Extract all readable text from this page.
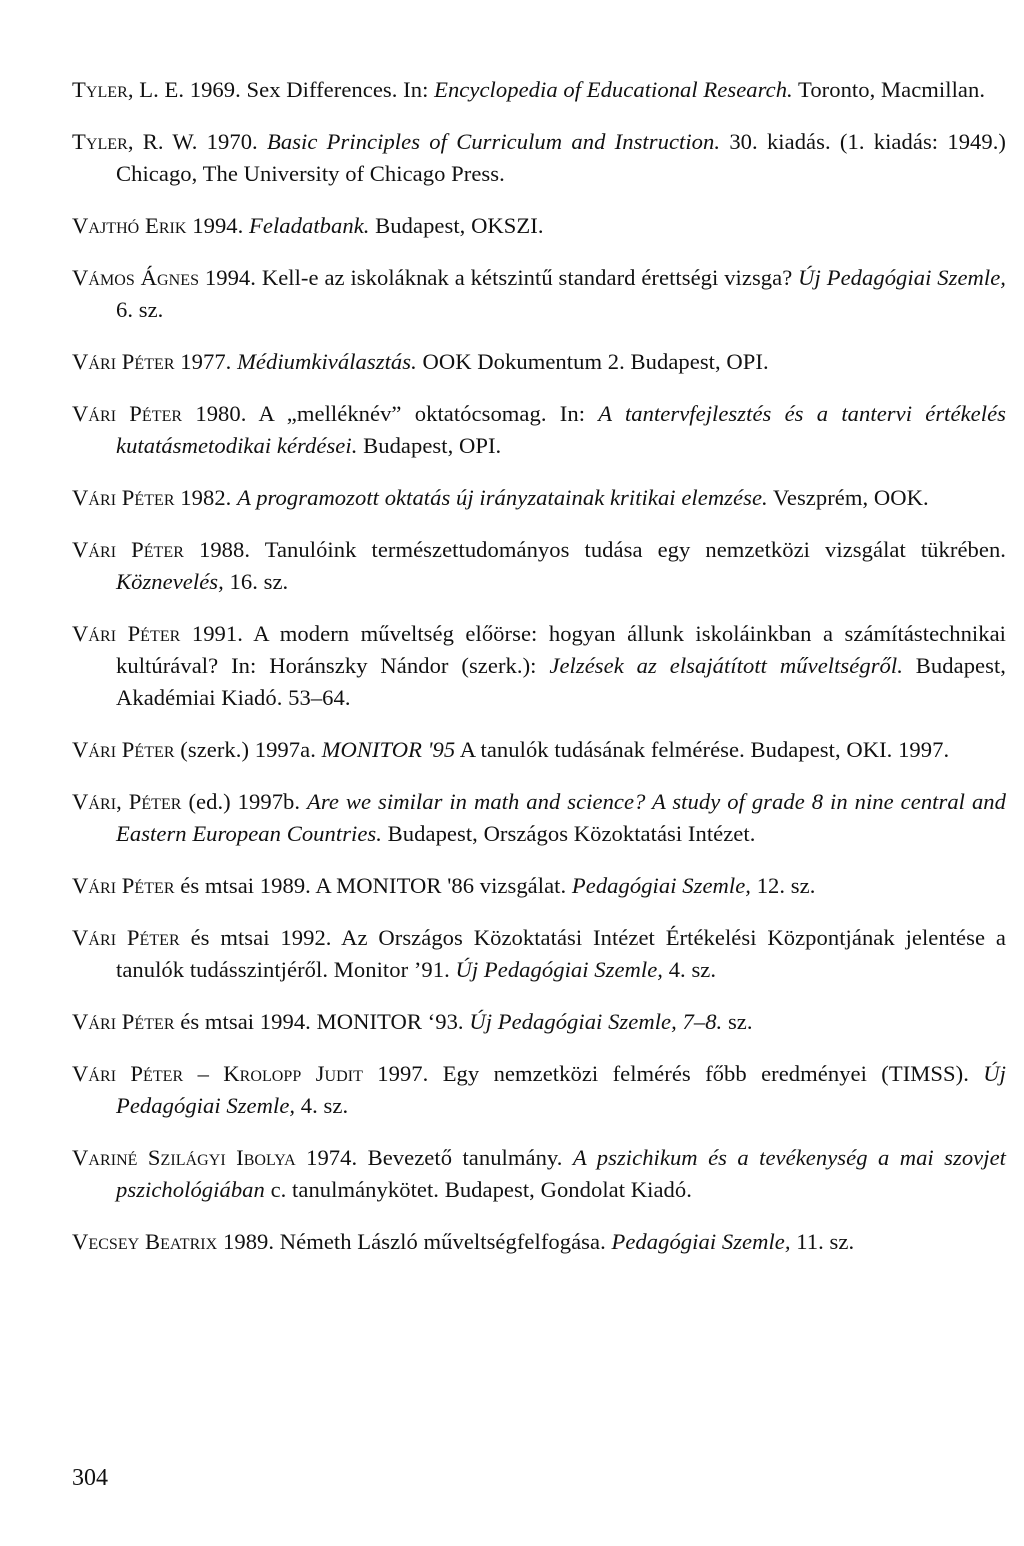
Tyler, L. E. 1969. Sex Differences. In: Encyclopedia of Educational Research. Toronto, Macmillan.

Tyler, R. W. 1970. Basic Principles of Curriculum and Instruction. 30. kiadás. (1. kiadás: 1949.) Chicago, The University of Chicago Press.

Vajthó Erik 1994. Feladatbank. Budapest, OKSZI.

Vámos Ágnes 1994. Kell-e az iskoláknak a kétszintű standard érettségi vizsga? Új Pedagógiai Szemle, 6. sz.

Vári Péter 1977. Médiumkiválasztás. OOK Dokumentum 2. Budapest, OPI.

Vári Péter 1980. A „melléknév” oktatócsomag. In: A tantervfejlesztés és a tantervi értékelés kutatásmetodikai kérdései. Budapest, OPI.

Vári Péter 1982. A programozott oktatás új irányzatainak kritikai elemzése. Veszprém, OOK.

Vári Péter 1988. Tanulóink természettudományos tudása egy nemzetközi vizsgálat tükrében. Köznevelés, 16. sz.

Vári Péter 1991. A modern műveltség előörse: hogyan állunk iskoláinkban a számítástechnikai kultúrával? In: Horánszky Nándor (szerk.): Jelzések az elsajátított műveltségről. Budapest, Akadémiai Kiadó. 53–64.

Vári Péter (szerk.) 1997a. MONITOR '95 A tanulók tudásának felmérése. Budapest, OKI. 1997.

Vári, Péter (ed.) 1997b. Are we similar in math and science? A study of grade 8 in nine central and Eastern European Countries. Budapest, Országos Közoktatási Intézet.

Vári Péter és mtsai 1989. A MONITOR '86 vizsgálat. Pedagógiai Szemle, 12. sz.

Vári Péter és mtsai 1992. Az Országos Közoktatási Intézet Értékelési Központjának jelentése a tanulók tudásszintjéről. Monitor ’91. Új Pedagógiai Szemle, 4. sz.

Vári Péter és mtsai 1994. MONITOR ‘93. Új Pedagógiai Szemle, 7–8. sz.

Vári Péter – Krolopp Judit 1997. Egy nemzetközi felmérés főbb eredményei (TIMSS). Új Pedagógiai Szemle, 4. sz.

Variné Szilágyi Ibolya 1974. Bevezető tanulmány. A pszichikum és a tevékenység a mai szovjet pszichológiában c. tanulmánykötet. Budapest, Gondolat Kiadó.

Vecsey Beatrix 1989. Németh László műveltségfelfogása. Pedagógiai Szemle, 11. sz.

304
